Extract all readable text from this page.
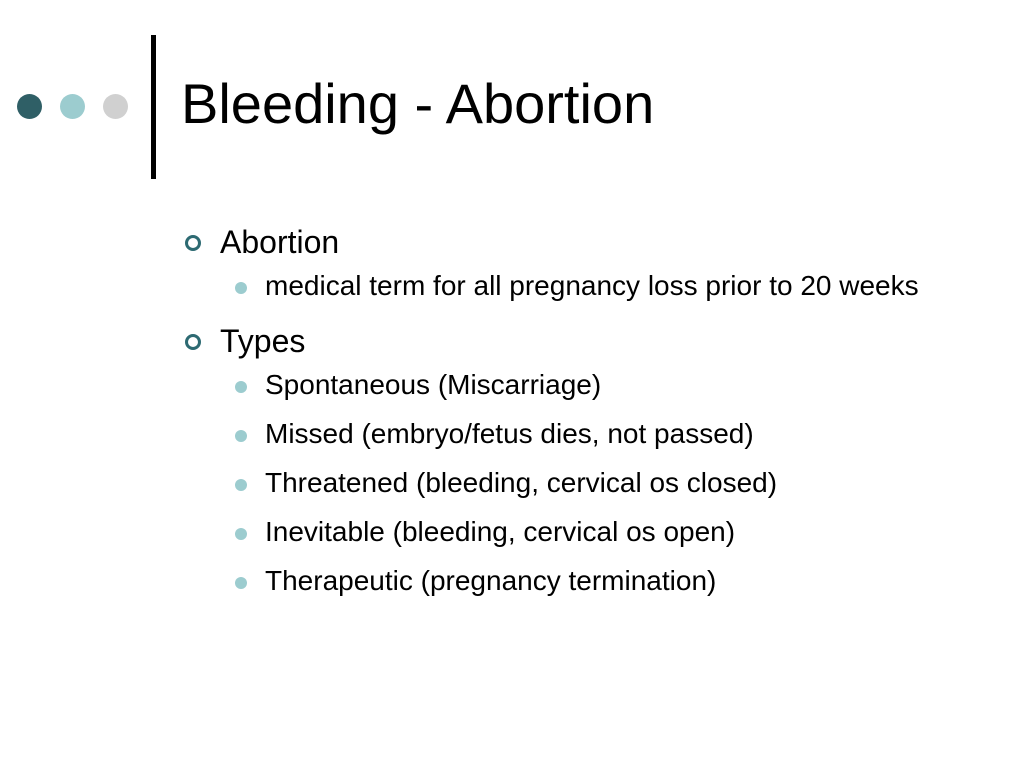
Bleeding - Abortion
Abortion
medical term for all pregnancy loss prior to 20 weeks
Types
Spontaneous (Miscarriage)
Missed (embryo/fetus dies, not passed)
Threatened (bleeding, cervical os closed)
Inevitable (bleeding, cervical os open)
Therapeutic (pregnancy termination)
